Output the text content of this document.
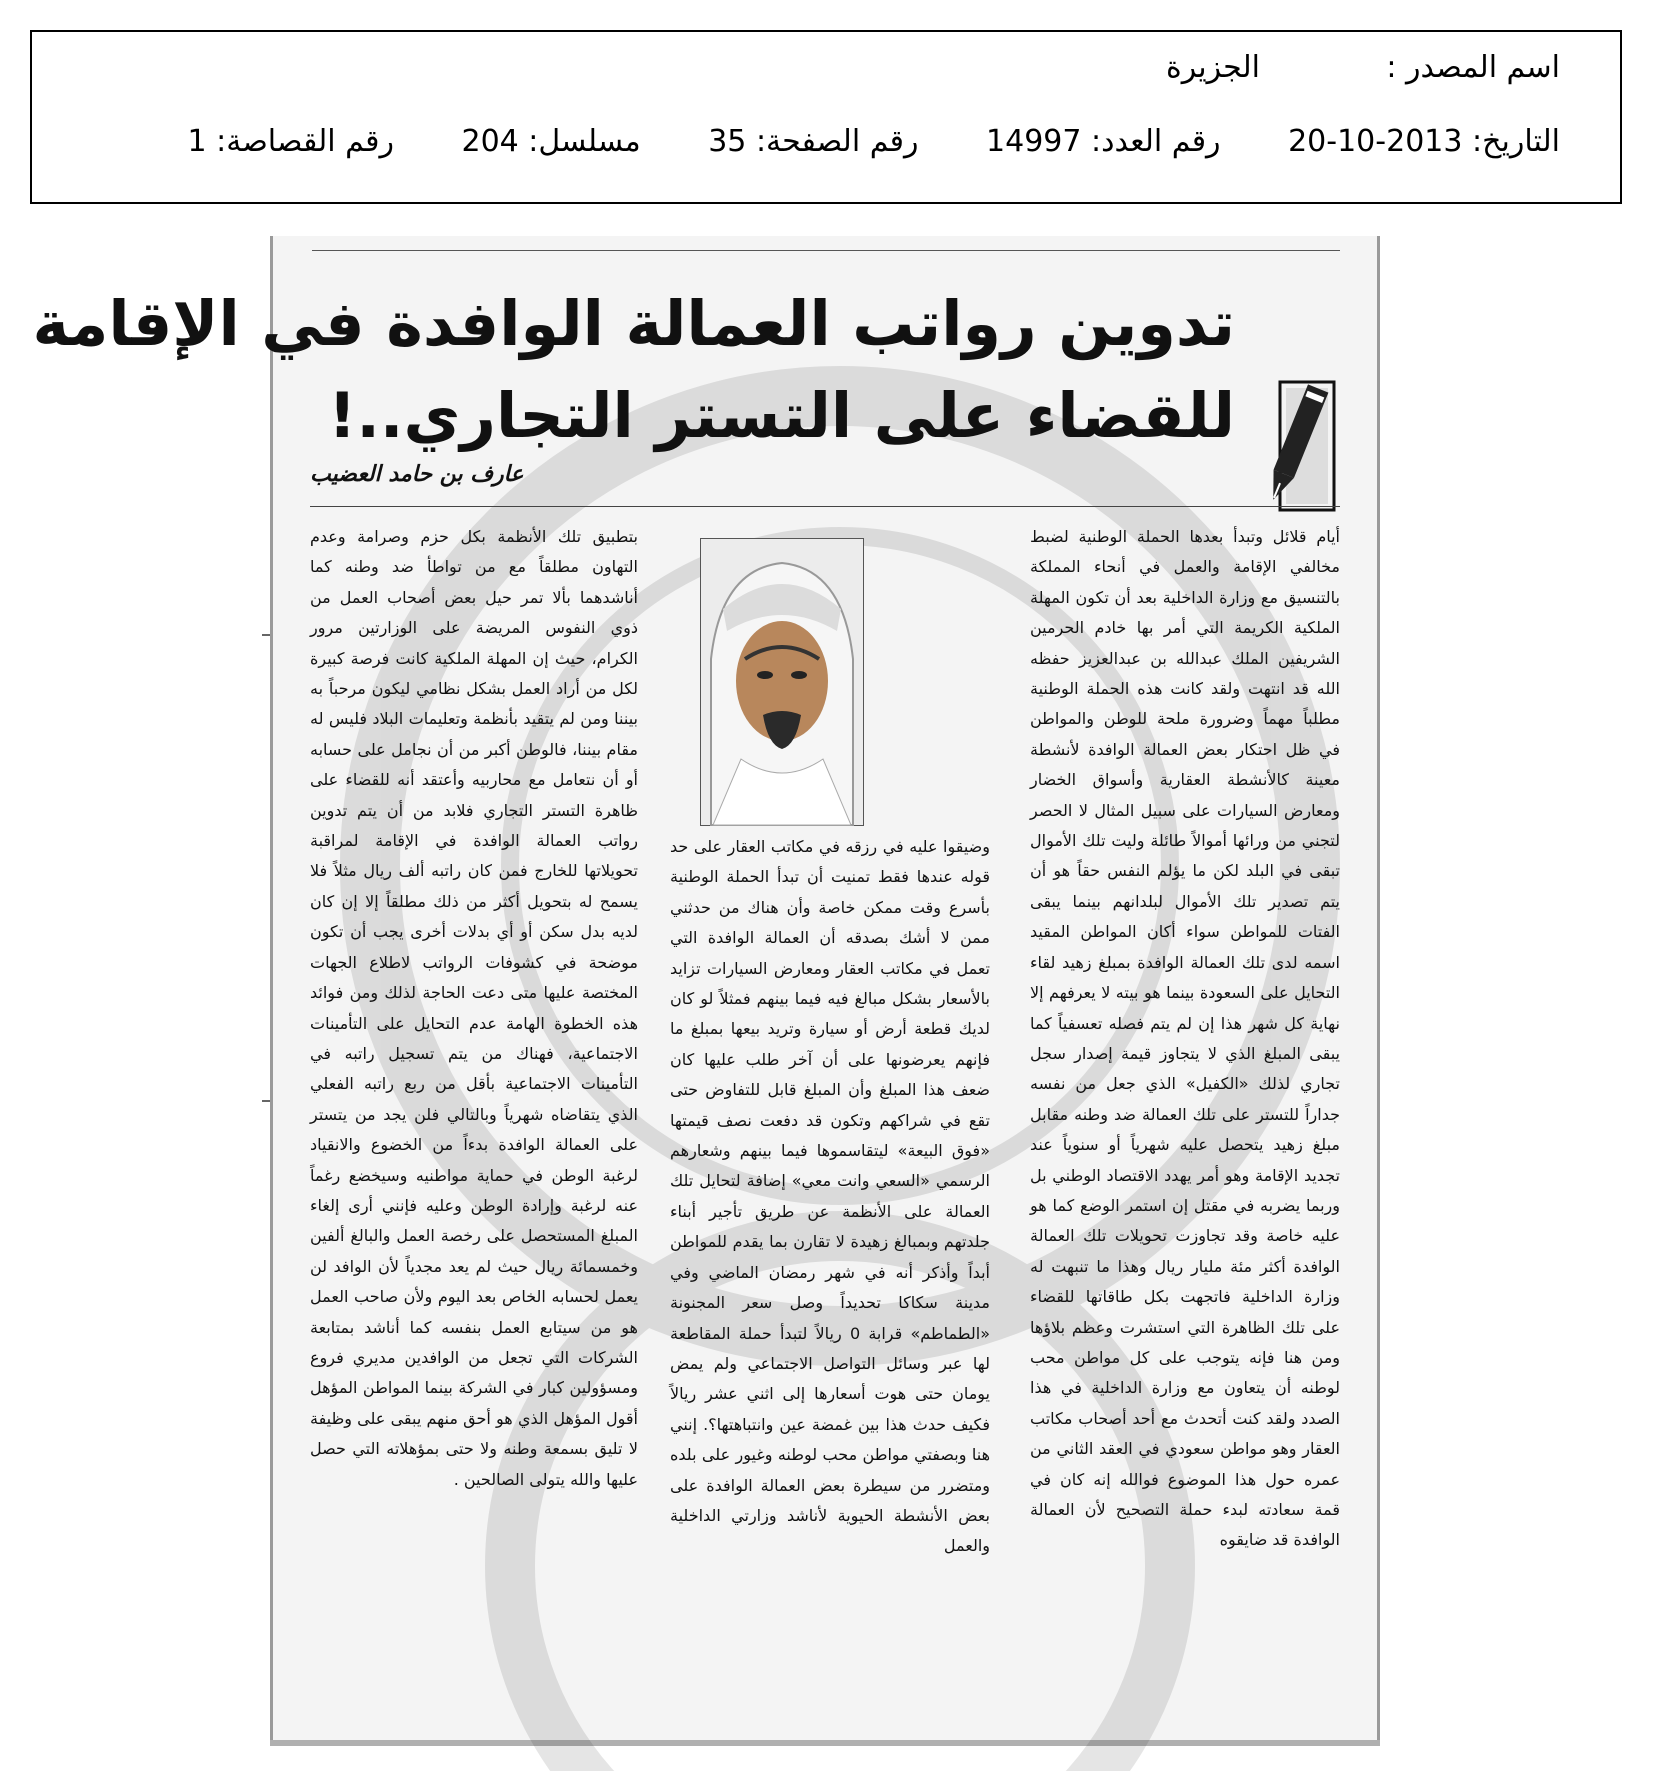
اسم المصدر :الجزيرة
التاريخ: 2013-10-20 رقم العدد: 14997 رقم الصفحة: 35 مسلسل: 204 رقم القصاصة: 1
تدوين رواتب العمالة الوافدة في الإقامة
للقضاء على التستر التجاري..!
عارف بن حامد العضيب

أيام قلائل وتبدأ بعدها الحملة الوطنية لضبط مخالفي الإقامة والعمل في أنحاء المملكة بالتنسيق مع وزارة الداخلية بعد أن تكون المهلة الملكية الكريمة التي أمر بها خادم الحرمين الشريفين الملك عبدالله بن عبدالعزيز حفظه الله قد انتهت ولقد كانت هذه الحملة الوطنية مطلباً مهماً وضرورة ملحة للوطن والمواطن في ظل احتكار بعض العمالة الوافدة لأنشطة معينة كالأنشطة العقارية وأسواق الخضار ومعارض السيارات على سبيل المثال لا الحصر لتجني من ورائها أموالاً طائلة وليت تلك الأموال تبقى في البلد لكن ما يؤلم النفس حقاً هو أن يتم تصدير تلك الأموال لبلدانهم بينما يبقى الفتات للمواطن سواء أكان المواطن المقيد اسمه لدى تلك العمالة الوافدة بمبلغ زهيد لقاء التحايل على السعودة بينما هو بيته لا يعرفهم إلا نهاية كل شهر هذا إن لم يتم فصله تعسفياً كما يبقى المبلغ الذي لا يتجاوز قيمة إصدار سجل تجاري لذلك «الكفيل» الذي جعل من نفسه جداراً للتستر على تلك العمالة ضد وطنه مقابل مبلغ زهيد يتحصل عليه شهرياً أو سنوياً عند تجديد الإقامة وهو أمر يهدد الاقتصاد الوطني بل وربما يضربه في مقتل إن استمر الوضع كما هو عليه خاصة وقد تجاوزت تحويلات تلك العمالة الوافدة أكثر مئة مليار ريال وهذا ما تنبهت له وزارة الداخلية فاتجهت بكل طاقاتها للقضاء على تلك الظاهرة التي استشرت وعظم بلاؤها ومن هنا فإنه يتوجب على كل مواطن محب لوطنه أن يتعاون مع وزارة الداخلية في هذا الصدد ولقد كنت أتحدث مع أحد أصحاب مكاتب العقار وهو مواطن سعودي في العقد الثاني من عمره حول هذا الموضوع فوالله إنه كان في قمة سعادته لبدء حملة التصحيح لأن العمالة الوافدة قد ضايقوه

وضيقوا عليه في رزقه في مكاتب العقار على حد قوله عندها فقط تمنيت أن تبدأ الحملة الوطنية بأسرع وقت ممكن خاصة وأن هناك من حدثني ممن لا أشك بصدقه أن العمالة الوافدة التي تعمل في مكاتب العقار ومعارض السيارات تزايد بالأسعار بشكل مبالغ فيه فيما بينهم فمثلاً لو كان لديك قطعة أرض أو سيارة وتريد بيعها بمبلغ ما فإنهم يعرضونها على أن آخر طلب عليها كان ضعف هذا المبلغ وأن المبلغ قابل للتفاوض حتى تقع في شراكهم وتكون قد دفعت نصف قيمتها «فوق البيعة» ليتقاسموها فيما بينهم وشعارهم الرسمي «السعي وانت معي» إضافة لتحايل تلك العمالة على الأنظمة عن طريق تأجير أبناء جلدتهم وبمبالغ زهيدة لا تقارن بما يقدم للمواطن أبداً وأذكر أنه في شهر رمضان الماضي وفي مدينة سكاكا تحديداً وصل سعر المجنونة «الطماطم» قرابة 0 ريالاً لتبدأ حملة المقاطعة لها عبر وسائل التواصل الاجتماعي ولم يمض يومان حتى هوت أسعارها إلى اثني عشر ريالاً فكيف حدث هذا بين غمضة عين وانتباهتها؟. إنني هنا وبصفتي مواطن محب لوطنه وغيور على بلده ومتضرر من سيطرة بعض العمالة الوافدة على بعض الأنشطة الحيوية لأناشد وزارتي الداخلية والعمل

بتطبيق تلك الأنظمة بكل حزم وصرامة وعدم التهاون مطلقاً مع من تواطأ ضد وطنه كما أناشدهما بألا تمر حيل بعض أصحاب العمل من ذوي النفوس المريضة على الوزارتين مرور الكرام، حيث إن المهلة الملكية كانت فرصة كبيرة لكل من أراد العمل بشكل نظامي ليكون مرحباً به بيننا ومن لم يتقيد بأنظمة وتعليمات البلاد فليس له مقام بيننا، فالوطن أكبر من أن نجامل على حسابه أو أن نتعامل مع محاربيه وأعتقد أنه للقضاء على ظاهرة التستر التجاري فلابد من أن يتم تدوين رواتب العمالة الوافدة في الإقامة لمراقبة تحويلاتها للخارج فمن كان راتبه ألف ريال مثلاً فلا يسمح له بتحويل أكثر من ذلك مطلقاً إلا إن كان لديه بدل سكن أو أي بدلات أخرى يجب أن تكون موضحة في كشوفات الرواتب لاطلاع الجهات المختصة عليها متى دعت الحاجة لذلك ومن فوائد هذه الخطوة الهامة عدم التحايل على التأمينات الاجتماعية، فهناك من يتم تسجيل راتبه في التأمينات الاجتماعية بأقل من ربع راتبه الفعلي الذي يتقاضاه شهرياً وبالتالي فلن يجد من يتستر على العمالة الوافدة بدءاً من الخضوع والانقياد لرغبة الوطن في حماية مواطنيه وسيخضع رغماً عنه لرغبة وإرادة الوطن وعليه فإنني أرى إلغاء المبلغ المستحصل على رخصة العمل والبالغ ألفين وخمسمائة ريال حيث لم يعد مجدياً لأن الوافد لن يعمل لحسابه الخاص بعد اليوم ولأن صاحب العمل هو من سيتابع العمل بنفسه كما أناشد بمتابعة الشركات التي تجعل من الوافدين مديري فروع ومسؤولين كبار في الشركة بينما المواطن المؤهل أقول المؤهل الذي هو أحق منهم يبقى على وظيفة لا تليق بسمعة وطنه ولا حتى بمؤهلاته التي حصل عليها والله يتولى الصالحين .
